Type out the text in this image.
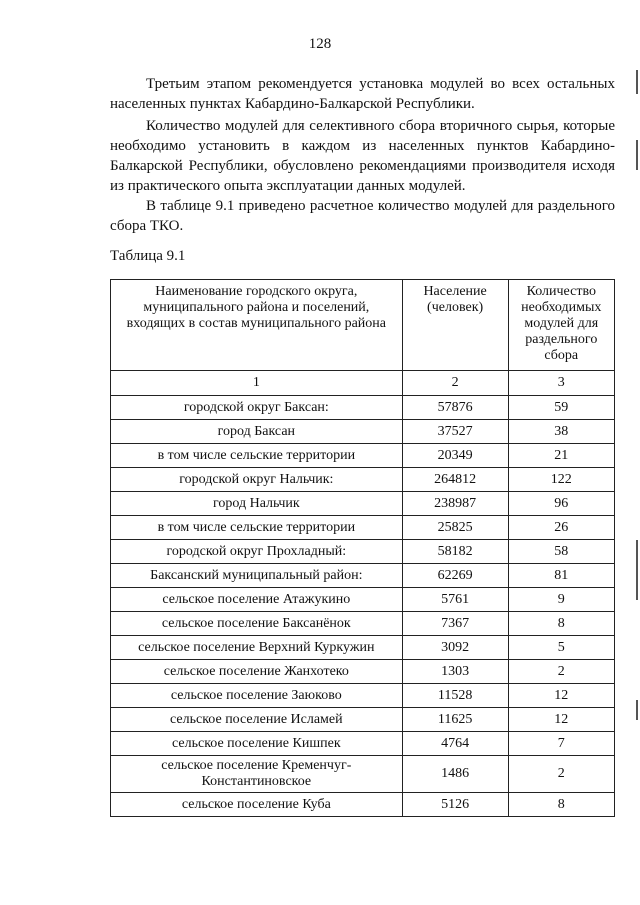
128

Третьим этапом рекомендуется установка модулей во всех остальных населенных пунктах Кабардино-Балкарской Республики.

Количество модулей для селективного сбора вторичного сырья, которые необходимо установить в каждом из населенных пунктов Кабардино-Балкарской Республики, обусловлено рекомендациями производителя исходя из практического опыта эксплуатации данных модулей.

В таблице 9.1 приведено расчетное количество модулей для раздельного сбора ТКО.

Таблица 9.1
Наименование городского округа, муниципального района и поселений, входящих в состав муниципального района	Население (человек)	Количество необходимых модулей для раздельного сбора
1	2	3
городской округ Баксан:	57876	59
город Баксан	37527	38
в том числе сельские территории	20349	21
городской округ Нальчик:	264812	122
город Нальчик	238987	96
в том числе сельские территории	25825	26
городской округ Прохладный:	58182	58
Баксанский муниципальный район:	62269	81
сельское поселение Атажукино	5761	9
сельское поселение Баксанёнок	7367	8
сельское поселение Верхний Куркужин	3092	5
сельское поселение Жанхотеко	1303	2
сельское поселение Заюково	11528	12
сельское поселение Исламей	11625	12
сельское поселение Кишпек	4764	7
сельское поселение Кременчуг-Константиновское	1486	2
сельское поселение Куба	5126	8
